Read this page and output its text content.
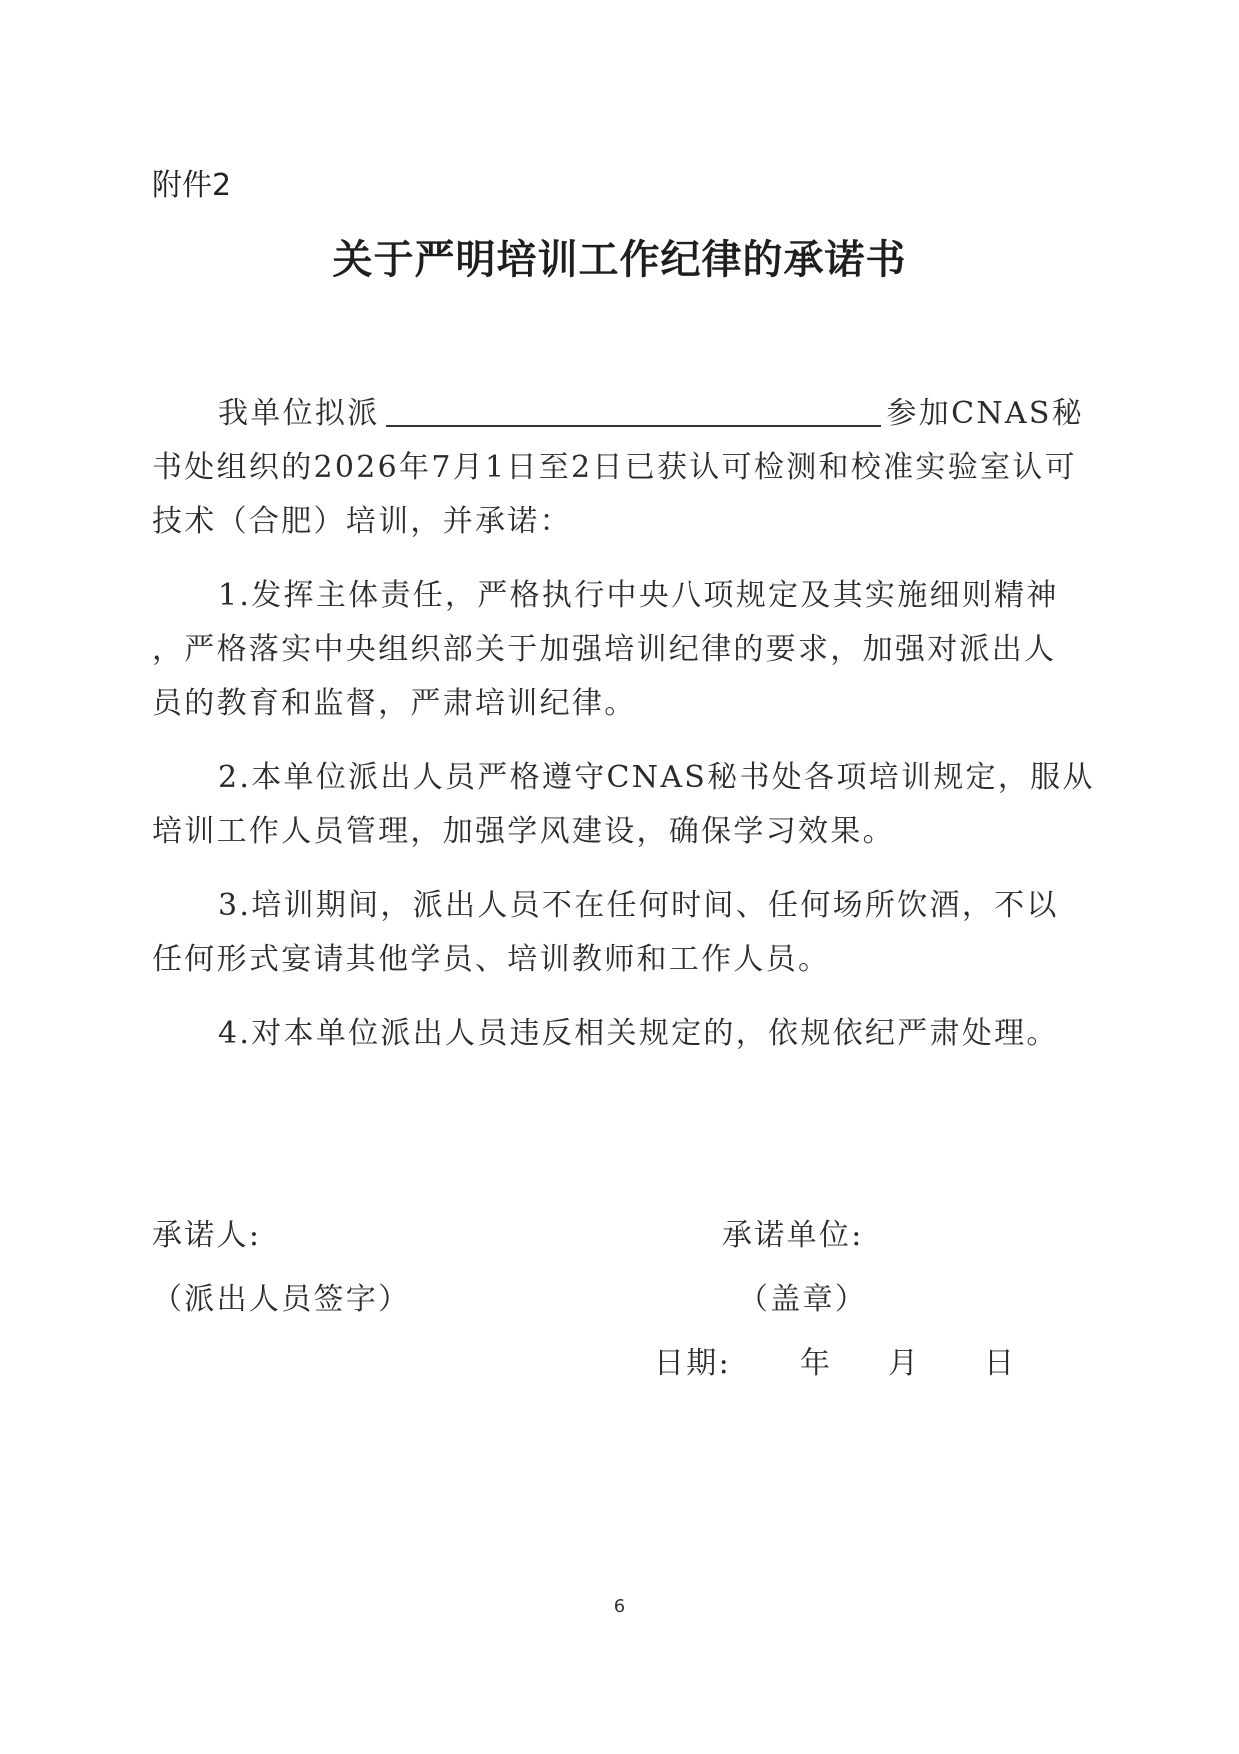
附件2
关于严明培训工作纪律的承诺书
我单位拟派	参加CNAS秘
书处组织的2026年7月1日至2日已获认可检测和校准实验室认可
技术（合肥）培训，并承诺：
1.发挥主体责任，严格执行中央八项规定及其实施细则精神
，严格落实中央组织部关于加强培训纪律的要求，加强对派出人
员的教育和监督，严肃培训纪律。
2.本单位派出人员严格遵守CNAS秘书处各项培训规定，服从
培训工作人员管理，加强学风建设，确保学习效果。
3.培训期间，派出人员不在任何时间、任何场所饮酒，不以
任何形式宴请其他学员、培训教师和工作人员。
4.对本单位派出人员违反相关规定的，依规依纪严肃处理。
承诺人:
（派出人员签字）
承诺单位:
（盖章）
日期: 年 月 日
6
